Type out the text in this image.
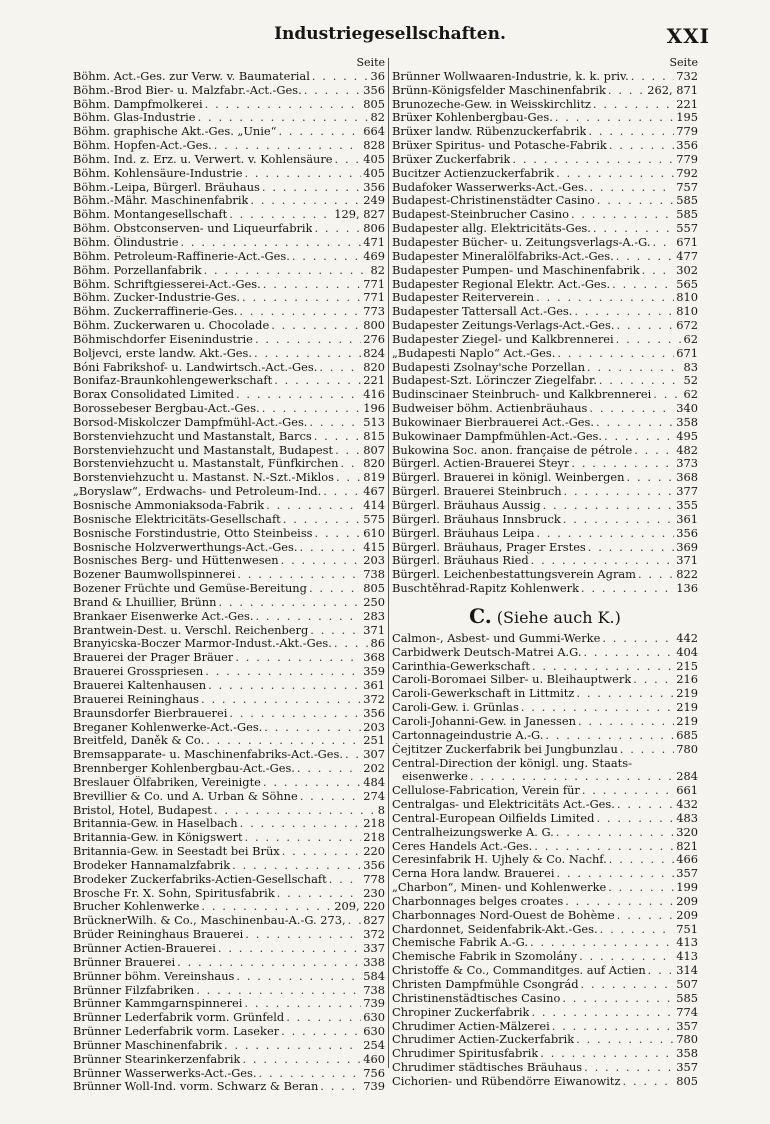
Industriegesellschaften.	XXI
Seite
Böhm. Act.-Ges. zur Verw. v. Baumaterial . . .	36
Böhm.-Brod Bier- u. Malzfabr.-Act.-Ges. . . .	356
Böhm. Dampfmolkerei . . .	805
Böhm. Glas-Industrie . . .	82
Böhm. graphische Akt.-Ges. „Unie“ . . .	664
Böhm. Hopfen-Act.-Ges. . . .	828
Böhm. Ind. z. Erz. u. Verwert. v. Kohlensäure . . .	405
Böhm. Kohlensäure-Industrie . . .	405
Böhm.-Leipa, Bürgerl. Bräuhaus . . .	356
Böhm.-Mähr. Maschinenfabrik . . .	249
Böhm. Montangesellschaft . . .	129, 827
Böhm. Obstconserven- und Liqueurfabrik . . .	806
Böhm. Ölindustrie . . .	471
Böhm. Petroleum-Raffinerie-Act.-Ges. . . .	469
Böhm. Porzellanfabrik . . .	82
Böhm. Schriftgiesserei-Act.-Ges. . . .	771
Böhm. Zucker-Industrie-Ges. . . .	771
Böhm. Zuckerraffinerie-Ges. . . .	773
Böhm. Zuckerwaren u. Chocolade . . .	800
Böhmischdorfer Eisenindustrie . . .	276
Boljevci, erste landw. Akt.-Ges. . . .	824
Bóni Fabrikshof- u. Landwirtsch.-Act.-Ges. . . .	820
Bonifaz-Braunkohlengewerkschaft . . .	221
Borax Consolidated Limited . . .	416
Borossebeser Bergbau-Act.-Ges. . . .	196
Borsod-Miskolczer Dampfmühl-Act.-Ges. . . .	513
Borstenviehzucht und Mastanstalt, Barcs . . .	815
Borstenviehzucht und Mastanstalt, Budapest . . .	807
Borstenviehzucht u. Mastanstalt, Fünfkirchen . . . 820
Borstenviehzucht u. Mastanst. N.-Szt.-Miklos . . .	819
„Boryslaw“, Erdwachs- und Petroleum-Ind. . . .	467
Bosnische Ammoniaksoda-Fabrik . . .	414
Bosnische Elektricitäts-Gesellschaft . . .	575
Bosnische Forstindustrie, Otto Steinbeiss . . .	610
Bosnische Holzverwerthungs-Act.-Ges. . . .	415
Bosnisches Berg- und Hüttenwesen . . .	203
Bozener Baumwollspinnerei . . .	738
Bozener Früchte und Gemüse-Bereitung . . .	805
Brand & Lhuillier, Brünn . . .	250
Brankaer Eisenwerke Act.-Ges. . . .	283
Brantwein-Dest. u. Verschl. Reichenberg . . .	371
Branyicska-Boczer Marmor-Indust.-Akt.-Ges. . . .	86
Brauerei der Prager Bräuer . . .	368
Brauerei Grosspriesen . . .	359
Brauerei Kaltenhausen . . .	361
Brauerei Reininghaus . . .	372
Braunsdorfer Bierbrauerei . . .	356
Breganer Kohlenwerke-Act.-Ges. . . .	203
Breitfeld, Daněk & Co. . . .	251
Bremsapparate- u. Maschinenfabriks-Act.-Ges. . . . 307
Brennberger Kohlenbergbau-Act.-Ges. . . .	202
Breslauer Ölfabriken, Vereinigte . . .	484
Brevillier & Co. und A. Urban & Söhne . . .	274
Bristol, Hotel, Budapest . . .	8
Britannia-Gew. in Haselbach . . .	218
Britannia-Gew. in Königswert . . .	218
Britannia-Gew. in Seestadt bei Brüx . . .	220
Brodeker Hannamalzfabrik . . .	356
Brodeker Zuckerfabriks-Actien-Gesellschaft . . .	778
Brosche Fr. X. Sohn, Spiritusfabrik . . .	230
Brucher Kohlenwerke . . .	209, 220
BrücknerWilh. & Co., Maschinenbau-A.-G. 273, . . . 827
Brüder Reininghaus Brauerei . . .	372
Brünner Actien-Brauerei . . .	337
Brünner Brauerei . . .	338
Brünner böhm. Vereinshaus . . .	584
Brünner Filzfabriken . . .	738
Brünner Kammgarnspinnerei . . .	739
Brünner Lederfabrik vorm. Grünfeld . . .	630
Brünner Lederfabrik vorm. Laseker . . .	630
Brünner Maschinenfabrik . . .	254
Brünner Stearinkerzenfabrik . . .	460
Brünner Wasserwerks-Act.-Ges. . . .	756
Brünner Woll-Ind. vorm. Schwarz & Beran . . .	739
Seite
Brünner Wollwaaren-Industrie, k. k. priv. . . .	732
Brünn-Königsfelder Maschinenfabrik . . .	262, 871
Brunozeche-Gew. in Weisskirchlitz . . .	221
Brüxer Kohlenbergbau-Ges. . . .	195
Brüxer landw. Rübenzuckerfabrik . . .	779
Brüxer Spiritus- und Potasche-Fabrik . . .	356
Brüxer Zuckerfabrik . . .	779
Bucitzer Actienzuckerfabrik . . .	792
Budafoker Wasserwerks-Act.-Ges. . . .	757
Budapest-Christinenstädter Casino . . .	585
Budapest-Steinbrucher Casino . . .	585
Budapester allg. Elektricitäts-Ges. . . .	557
Budapester Bücher- u. Zeitungsverlags-A.-G. . . . 671
Budapester Mineralölfabriks-Act.-Ges. . . .	477
Budapester Pumpen- und Maschinenfabrik . . .	302
Budapester Regional Elektr. Act.-Ges. . . .	565
Budapester Reiterverein . . .	810
Budapester Tattersall Act.-Ges. . . .	810
Budapester Zeitungs-Verlags-Act.-Ges. . . .	672
Budapester Ziegel- und Kalkbrennerei . . .	62
„Budapesti Naplo“ Act.-Ges. . . .	671
Budapesti Zsolnay'sche Porzellan . . .	83
Budapest-Szt. Lörinczer Ziegelfabr. . . .	52
Budinscinaer Steinbruch- und Kalkbrennerei . . .	62
Budweiser böhm. Actienbräuhaus . . .	340
Bukowinaer Bierbrauerei Act.-Ges. . . .	358
Bukowinaer Dampfmühlen-Act.-Ges. . . .	495
Bukowina Soc. anon. française de pétrole . . .	482
Bürgerl. Actien-Brauerei Steyr . . .	373
Bürgerl. Brauerei in königl. Weinbergen . . .	368
Bürgerl. Brauerei Steinbruch . . .	377
Bürgerl. Bräuhaus Aussig . . .	355
Bürgerl. Bräuhaus Innsbruck . . .	361
Bürgerl. Bräuhaus Leipa . . .	356
Bürgerl. Bräuhaus, Prager Erstes . . .	369
Bürgerl. Bräuhaus Ried . . .	371
Bürgerl. Leichenbestattungsverein Agram . . .	822
Buschtěhrad-Rapitz Kohlenwerk . . .	136
C. (Siehe auch K.)
Calmon-, Asbest- und Gummi-Werke . . .	442
Carbidwerk Deutsch-Matrei A.G. . . .	404
Carinthia-Gewerkschaft . . .	215
Caroli-Boromaei Silber- u. Bleihauptwerk . . .	216
Caroli-Gewerkschaft in Littmitz . . .	219
Caroli-Gew. i. Grünlas . . .	219
Caroli-Johanni-Gew. in Janessen . . .	219
Cartonnageindustrie A.-G. . . .	685
Čejtitzer Zuckerfabrik bei Jungbunzlau . . .	780
Central-Direction der königl. ung. Staats-
eisenwerke . . .	284
Cellulose-Fabrication, Verein für . . .	661
Centralgas- und Elektricitäts Act.-Ges. . . .	432
Central-European Oilfields Limited . . .	483
Centralheizungswerke A. G. . . .	320
Ceres Handels Act.-Ges. . . .	821
Ceresinfabrik H. Ujhely & Co. Nachf. . . .	466
Cerna Hora landw. Brauerei . . .	357
„Charbon“, Minen- und Kohlenwerke . . .	199
Charbonnages belges croates . . .	209
Charbonnages Nord-Ouest de Bohème . . .	209
Chardonnet, Seidenfabrik-Akt.-Ges. . . .	751
Chemische Fabrik A.-G. . . .	413
Chemische Fabrik in Szomolány . . .	413
Christoffe & Co., Commanditges. auf Actien . . .	314
Christen Dampfmühle Csongrád . . .	507
Christinenstädtisches Casino . . .	585
Chropiner Zuckerfabrik . . .	774
Chrudimer Actien-Mälzerei . . .	357
Chrudimer Actien-Zuckerfabrik . . .	780
Chrudimer Spiritusfabrik . . .	358
Chrudimer städtisches Bräuhaus . . .	357
Cichorien- und Rübendörre Eiwanowitz . . .	805
